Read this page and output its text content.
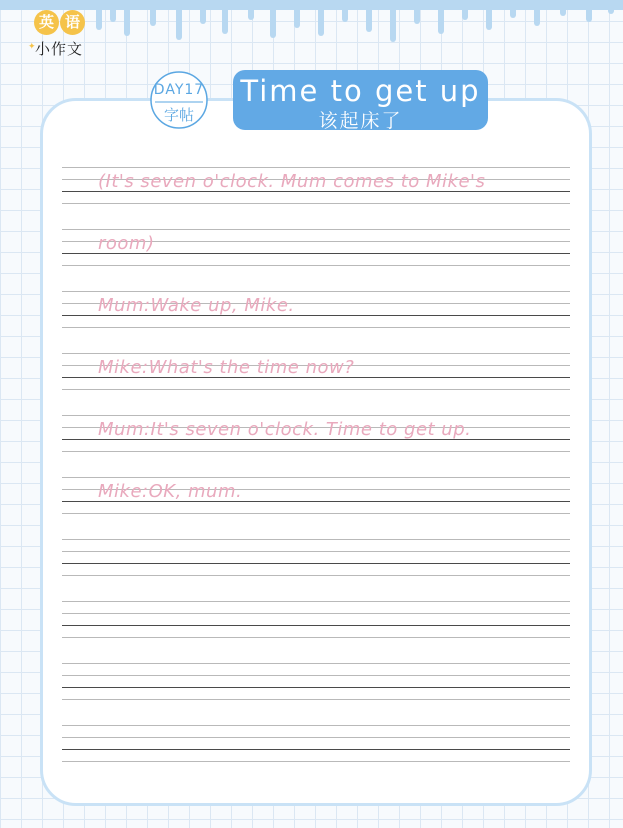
英 语
✦ 小作文
DAY17
字帖
Time to get up
该起床了
(It's seven o'clock. Mum comes to Mike's
room)
Mum:Wake up, Mike.
Mike:What's the time now?
Mum:It's seven o'clock. Time to get up.
Mike:OK, mum.
